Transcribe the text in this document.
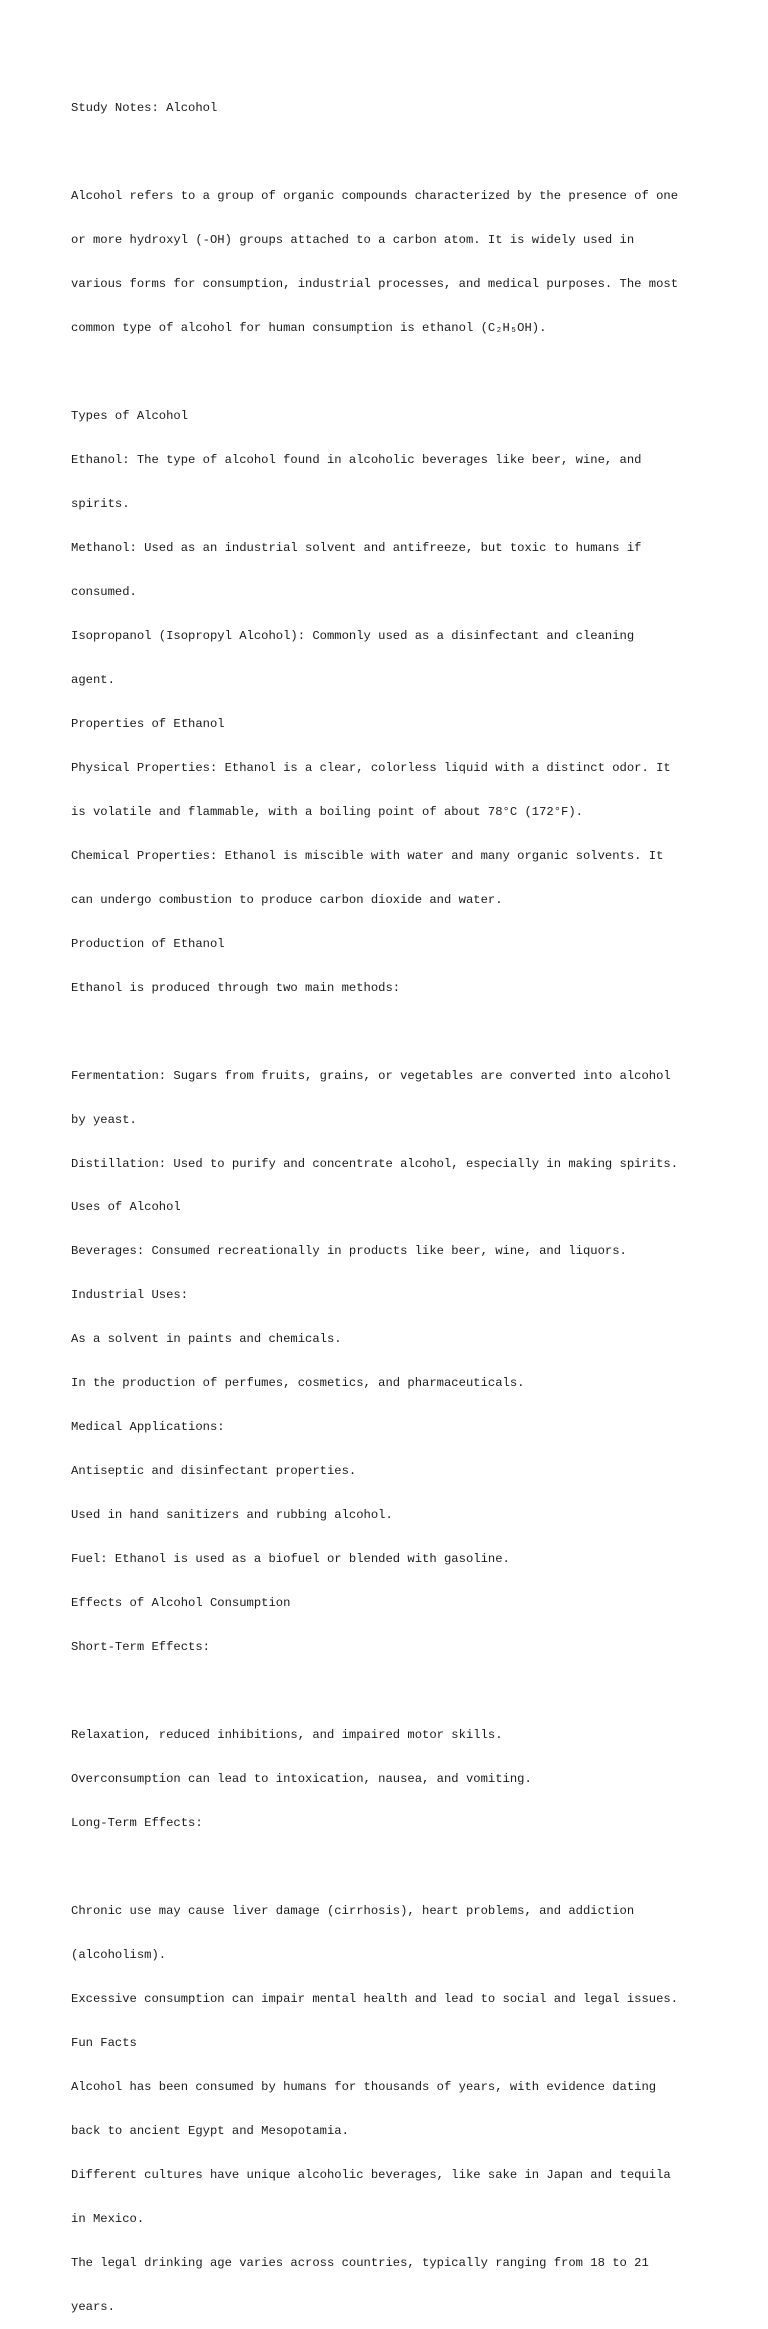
Study Notes: Alcohol

Alcohol refers to a group of organic compounds characterized by the presence of one

or more hydroxyl (-OH) groups attached to a carbon atom. It is widely used in

various forms for consumption, industrial processes, and medical purposes. The most

common type of alcohol for human consumption is ethanol (C₂H₅OH).

Types of Alcohol

Ethanol: The type of alcohol found in alcoholic beverages like beer, wine, and

spirits.

Methanol: Used as an industrial solvent and antifreeze, but toxic to humans if

consumed.

Isopropanol (Isopropyl Alcohol): Commonly used as a disinfectant and cleaning

agent.

Properties of Ethanol

Physical Properties: Ethanol is a clear, colorless liquid with a distinct odor. It

is volatile and flammable, with a boiling point of about 78°C (172°F).

Chemical Properties: Ethanol is miscible with water and many organic solvents. It

can undergo combustion to produce carbon dioxide and water.

Production of Ethanol

Ethanol is produced through two main methods:

Fermentation: Sugars from fruits, grains, or vegetables are converted into alcohol

by yeast.

Distillation: Used to purify and concentrate alcohol, especially in making spirits.

Uses of Alcohol

Beverages: Consumed recreationally in products like beer, wine, and liquors.

Industrial Uses:

As a solvent in paints and chemicals.

In the production of perfumes, cosmetics, and pharmaceuticals.

Medical Applications:

Antiseptic and disinfectant properties.

Used in hand sanitizers and rubbing alcohol.

Fuel: Ethanol is used as a biofuel or blended with gasoline.

Effects of Alcohol Consumption

Short-Term Effects:

Relaxation, reduced inhibitions, and impaired motor skills.

Overconsumption can lead to intoxication, nausea, and vomiting.

Long-Term Effects:

Chronic use may cause liver damage (cirrhosis), heart problems, and addiction

(alcoholism).

Excessive consumption can impair mental health and lead to social and legal issues.

Fun Facts

Alcohol has been consumed by humans for thousands of years, with evidence dating

back to ancient Egypt and Mesopotamia.

Different cultures have unique alcoholic beverages, like sake in Japan and tequila

in Mexico.

The legal drinking age varies across countries, typically ranging from 18 to 21

years.
